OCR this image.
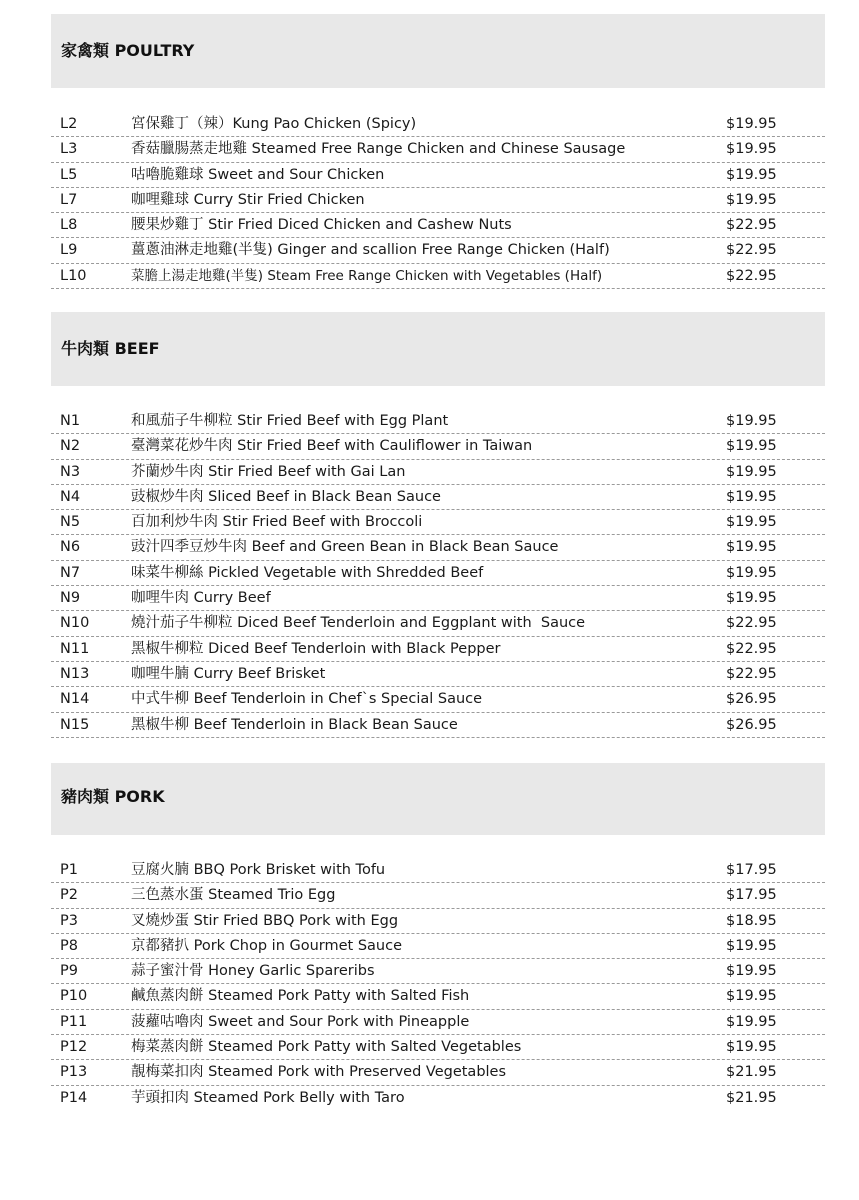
家禽類 POULTRY
L2	宮保雞丁（辣）Kung Pao Chicken (Spicy)	$19.95
L3	香菇臘腸蒸走地雞 Steamed Free Range Chicken and Chinese Sausage	$19.95
L5	咕嚕脆雞球 Sweet and Sour Chicken	$19.95
L7	咖哩雞球 Curry Stir Fried Chicken	$19.95
L8	腰果炒雞丁 Stir Fried Diced Chicken and Cashew Nuts	$22.95
L9	薑蔥油淋走地雞(半隻) Ginger and scallion Free Range Chicken (Half)	$22.95
L10	菜膽上湯走地雞(半隻) Steam Free Range Chicken with Vegetables (Half)	$22.95
牛肉類 BEEF
N1	和風茄子牛柳粒 Stir Fried Beef with Egg Plant	$19.95
N2	臺灣菜花炒牛肉 Stir Fried Beef with Cauliflower in Taiwan	$19.95
N3	芥蘭炒牛肉 Stir Fried Beef with Gai Lan	$19.95
N4	豉椒炒牛肉 Sliced Beef in Black Bean Sauce	$19.95
N5	百加利炒牛肉 Stir Fried Beef with Broccoli	$19.95
N6	豉汁四季豆炒牛肉 Beef and Green Bean in Black Bean Sauce	$19.95
N7	味菜牛柳絲 Pickled Vegetable with Shredded Beef	$19.95
N9	咖哩牛肉 Curry Beef	$19.95
N10	燒汁茄子牛柳粒 Diced Beef Tenderloin and Eggplant with  Sauce	$22.95
N11	黑椒牛柳粒 Diced Beef Tenderloin with Black Pepper	$22.95
N13	咖哩牛腩 Curry Beef Brisket	$22.95
N14	中式牛柳 Beef Tenderloin in Chef`s Special Sauce	$26.95
N15	黑椒牛柳 Beef Tenderloin in Black Bean Sauce	$26.95
豬肉類 PORK
P1	豆腐火腩 BBQ Pork Brisket with Tofu	$17.95
P2	三色蒸水蛋 Steamed Trio Egg	$17.95
P3	叉燒炒蛋 Stir Fried BBQ Pork with Egg	$18.95
P8	京都豬扒 Pork Chop in Gourmet Sauce	$19.95
P9	蒜子蜜汁骨 Honey Garlic Spareribs	$19.95
P10	鹹魚蒸肉餅 Steamed Pork Patty with Salted Fish	$19.95
P11	菠蘿咕嚕肉 Sweet and Sour Pork with Pineapple	$19.95
P12	梅菜蒸肉餅 Steamed Pork Patty with Salted Vegetables	$19.95
P13	靚梅菜扣肉 Steamed Pork with Preserved Vegetables	$21.95
P14	芋頭扣肉 Steamed Pork Belly with Taro	$21.95
